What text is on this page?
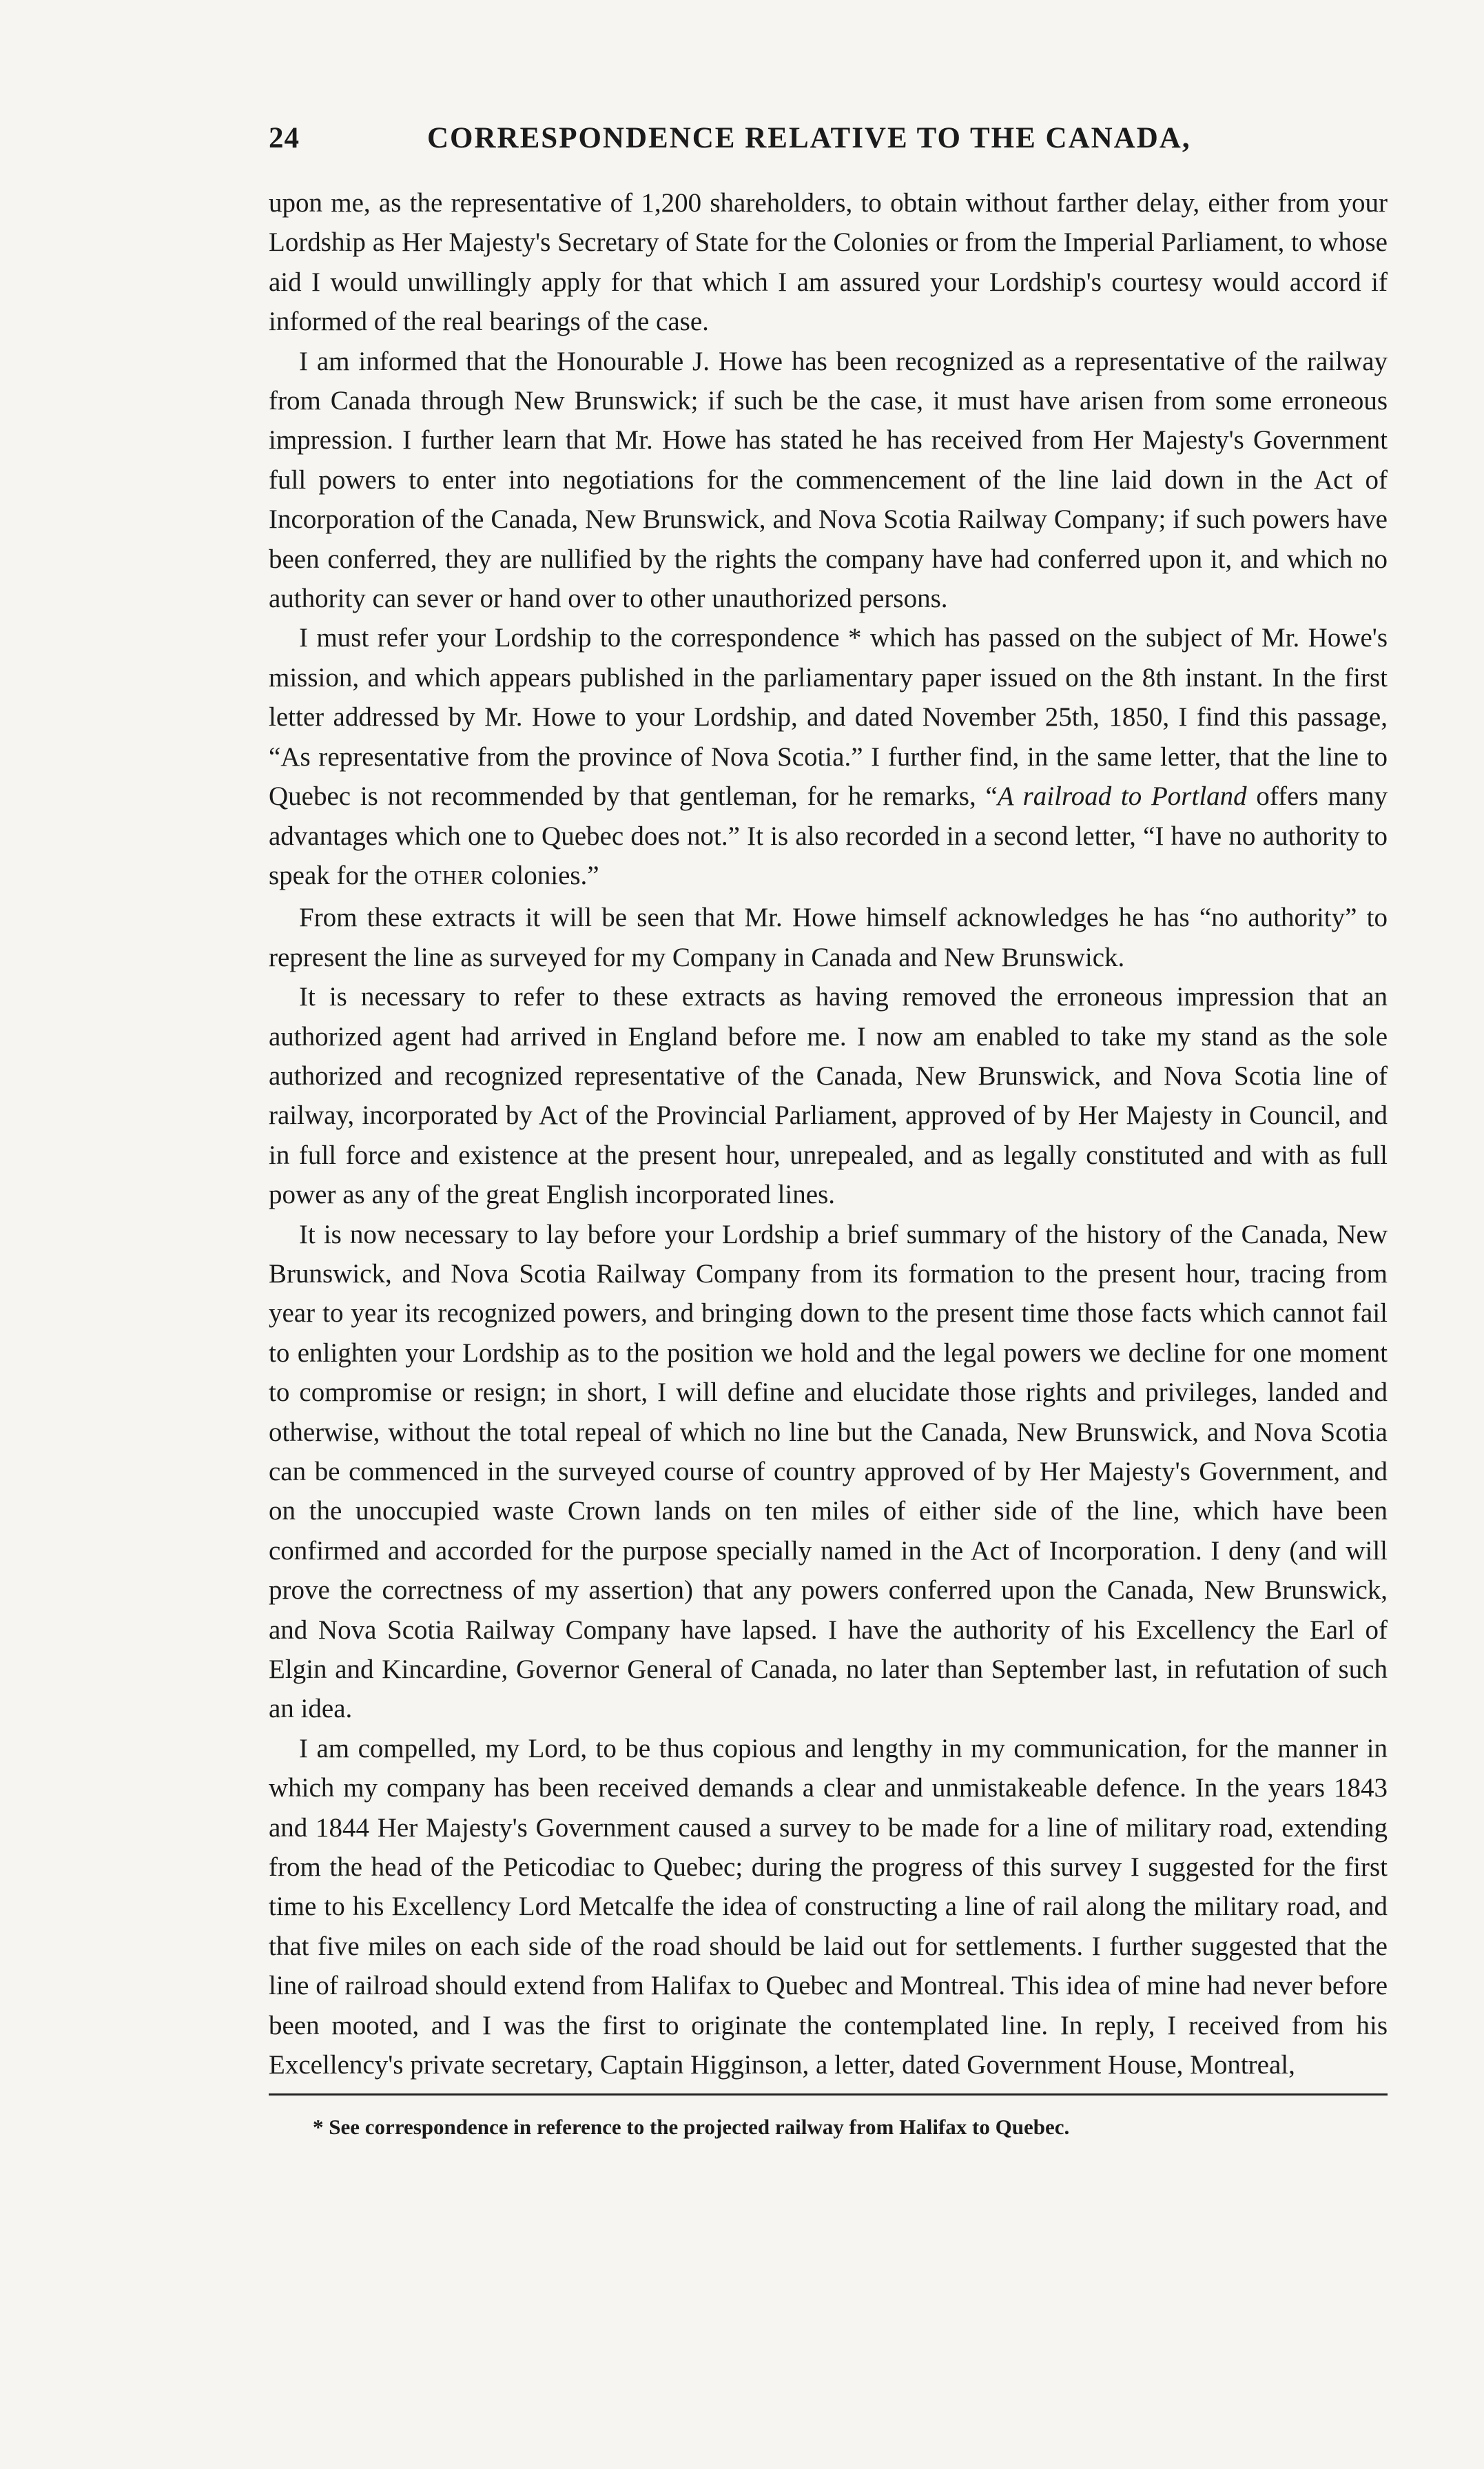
24	CORRESPONDENCE RELATIVE TO THE CANADA,

upon me, as the representative of 1,200 shareholders, to obtain without farther delay, either from your Lordship as Her Majesty's Secretary of State for the Colonies or from the Imperial Parliament, to whose aid I would unwillingly apply for that which I am assured your Lordship's courtesy would accord if informed of the real bearings of the case.

I am informed that the Honourable J. Howe has been recognized as a representative of the railway from Canada through New Brunswick; if such be the case, it must have arisen from some erroneous impression. I further learn that Mr. Howe has stated he has received from Her Majesty's Government full powers to enter into negotiations for the commencement of the line laid down in the Act of Incorporation of the Canada, New Brunswick, and Nova Scotia Railway Company; if such powers have been conferred, they are nullified by the rights the company have had conferred upon it, and which no authority can sever or hand over to other unauthorized persons.

I must refer your Lordship to the correspondence * which has passed on the subject of Mr. Howe's mission, and which appears published in the parliamentary paper issued on the 8th instant. In the first letter addressed by Mr. Howe to your Lordship, and dated November 25th, 1850, I find this passage, “As representative from the province of Nova Scotia.” I further find, in the same letter, that the line to Quebec is not recommended by that gentleman, for he remarks, “A railroad to Portland offers many advantages which one to Quebec does not.” It is also recorded in a second letter, “I have no authority to speak for the OTHER colonies.”

From these extracts it will be seen that Mr. Howe himself acknowledges he has “no authority” to represent the line as surveyed for my Company in Canada and New Brunswick.

It is necessary to refer to these extracts as having removed the erroneous impression that an authorized agent had arrived in England before me. I now am enabled to take my stand as the sole authorized and recognized representative of the Canada, New Brunswick, and Nova Scotia line of railway, incorporated by Act of the Provincial Parliament, approved of by Her Majesty in Council, and in full force and existence at the present hour, unrepealed, and as legally constituted and with as full power as any of the great English incorporated lines.

It is now necessary to lay before your Lordship a brief summary of the history of the Canada, New Brunswick, and Nova Scotia Railway Company from its formation to the present hour, tracing from year to year its recognized powers, and bringing down to the present time those facts which cannot fail to enlighten your Lordship as to the position we hold and the legal powers we decline for one moment to compromise or resign; in short, I will define and elucidate those rights and privileges, landed and otherwise, without the total repeal of which no line but the Canada, New Brunswick, and Nova Scotia can be commenced in the surveyed course of country approved of by Her Majesty's Government, and on the unoccupied waste Crown lands on ten miles of either side of the line, which have been confirmed and accorded for the purpose specially named in the Act of Incorporation. I deny (and will prove the correctness of my assertion) that any powers conferred upon the Canada, New Brunswick, and Nova Scotia Railway Company have lapsed. I have the authority of his Excellency the Earl of Elgin and Kincardine, Governor General of Canada, no later than September last, in refutation of such an idea.

I am compelled, my Lord, to be thus copious and lengthy in my communication, for the manner in which my company has been received demands a clear and unmistakeable defence. In the years 1843 and 1844 Her Majesty's Government caused a survey to be made for a line of military road, extending from the head of the Peticodiac to Quebec; during the progress of this survey I suggested for the first time to his Excellency Lord Metcalfe the idea of constructing a line of rail along the military road, and that five miles on each side of the road should be laid out for settlements. I further suggested that the line of railroad should extend from Halifax to Quebec and Montreal. This idea of mine had never before been mooted, and I was the first to originate the contemplated line. In reply, I received from his Excellency's private secretary, Captain Higginson, a letter, dated Government House, Montreal,

* See correspondence in reference to the projected railway from Halifax to Quebec.
